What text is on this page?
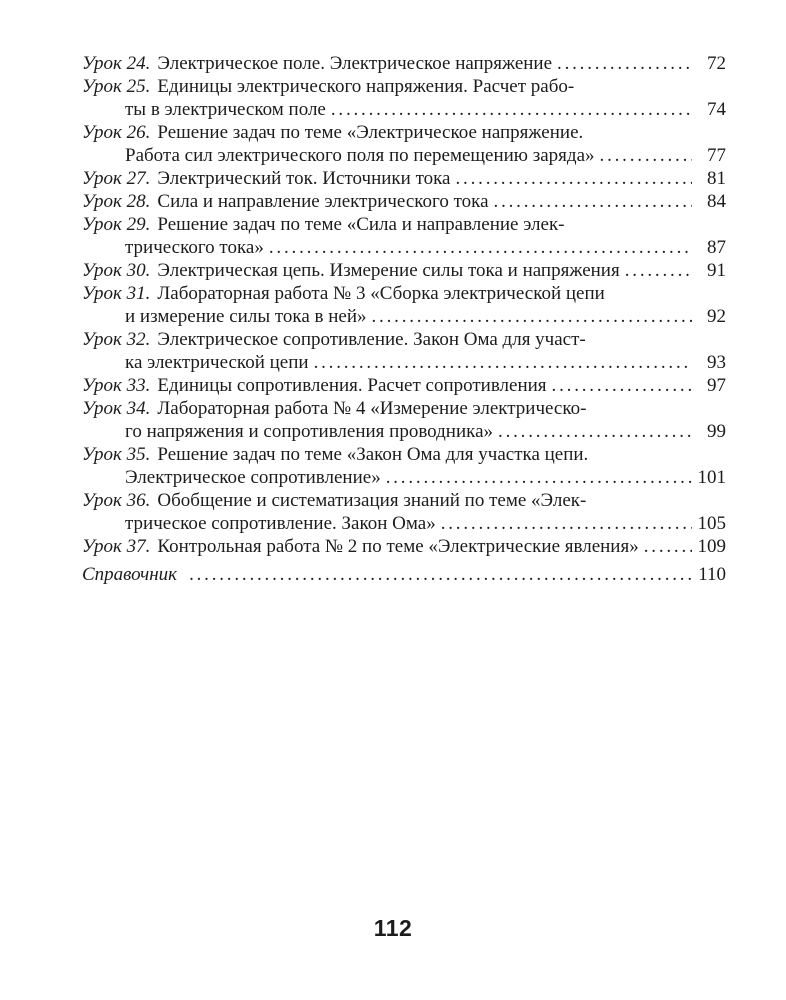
Урок 24. Электрическое поле. Электрическое напряжение .....	72
Урок 25. Единицы электрического напряжения. Расчет рабо-
ты в электрическом поле .....	74
Урок 26. Решение задач по теме «Электрическое напряжение.
Работа сил электрического поля по перемещению заряда» .....	77
Урок 27. Электрический ток. Источники тока .....	81
Урок 28. Сила и направление электрического тока .....	84
Урок 29. Решение задач по теме «Сила и направление элек-
трического тока» .....	87
Урок 30. Электрическая цепь. Измерение силы тока и напряжения .....	91
Урок 31. Лабораторная работа № 3 «Сборка электрической цепи
и измерение силы тока в ней» .....	92
Урок 32. Электрическое сопротивление. Закон Ома для участ-
ка электрической цепи .....	93
Урок 33. Единицы сопротивления. Расчет сопротивления .....	97
Урок 34. Лабораторная работа № 4 «Измерение электрическо-
го напряжения и сопротивления проводника» .....	99
Урок 35. Решение задач по теме «Закон Ома для участка цепи.
Электрическое сопротивление» .....	101
Урок 36. Обобщение и систематизация знаний по теме «Элек-
трическое сопротивление. Закон Ома» .....	105
Урок 37. Контрольная работа № 2 по теме «Электрические явления» .....	109
Справочник .....	110
112
